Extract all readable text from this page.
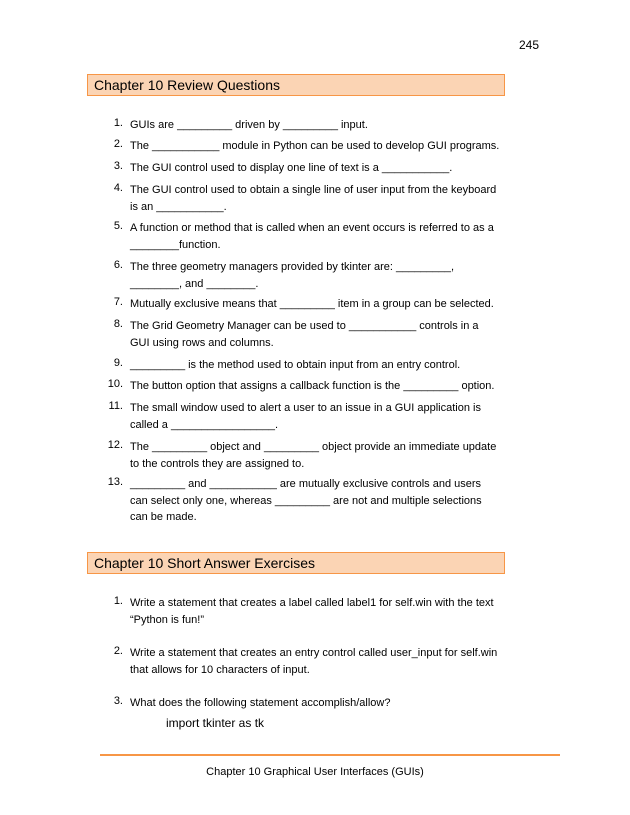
245
Chapter 10 Review Questions
1. GUIs are _________ driven by _________ input.
2. The ___________ module in Python can be used to develop GUI programs.
3. The GUI control used to display one line of text is a ___________.
4. The GUI control used to obtain a single line of user input from the keyboard is an ___________.
5. A function or method that is called when an event occurs is referred to as a ________function.
6. The three geometry managers provided by tkinter are: _________, ________, and ________.
7. Mutually exclusive means that _________ item in a group can be selected.
8. The Grid Geometry Manager can be used to ___________ controls in a GUI using rows and columns.
9. _________ is the method used to obtain input from an entry control.
10. The button option that assigns a callback function is the _________ option.
11. The small window used to alert a user to an issue in a GUI application is called a _________________.
12. The _________ object and _________ object provide an immediate update to the controls they are assigned to.
13. _________ and ___________ are mutually exclusive controls and users can select only one, whereas _________ are not and multiple selections can be made.
Chapter 10 Short Answer Exercises
1. Write a statement that creates a label called label1 for self.win with the text “Python is fun!”
2. Write a statement that creates an entry control called user_input for self.win that allows for 10 characters of input.
3. What does the following statement accomplish/allow?
import tkinter as tk
Chapter 10 Graphical User Interfaces (GUIs)
